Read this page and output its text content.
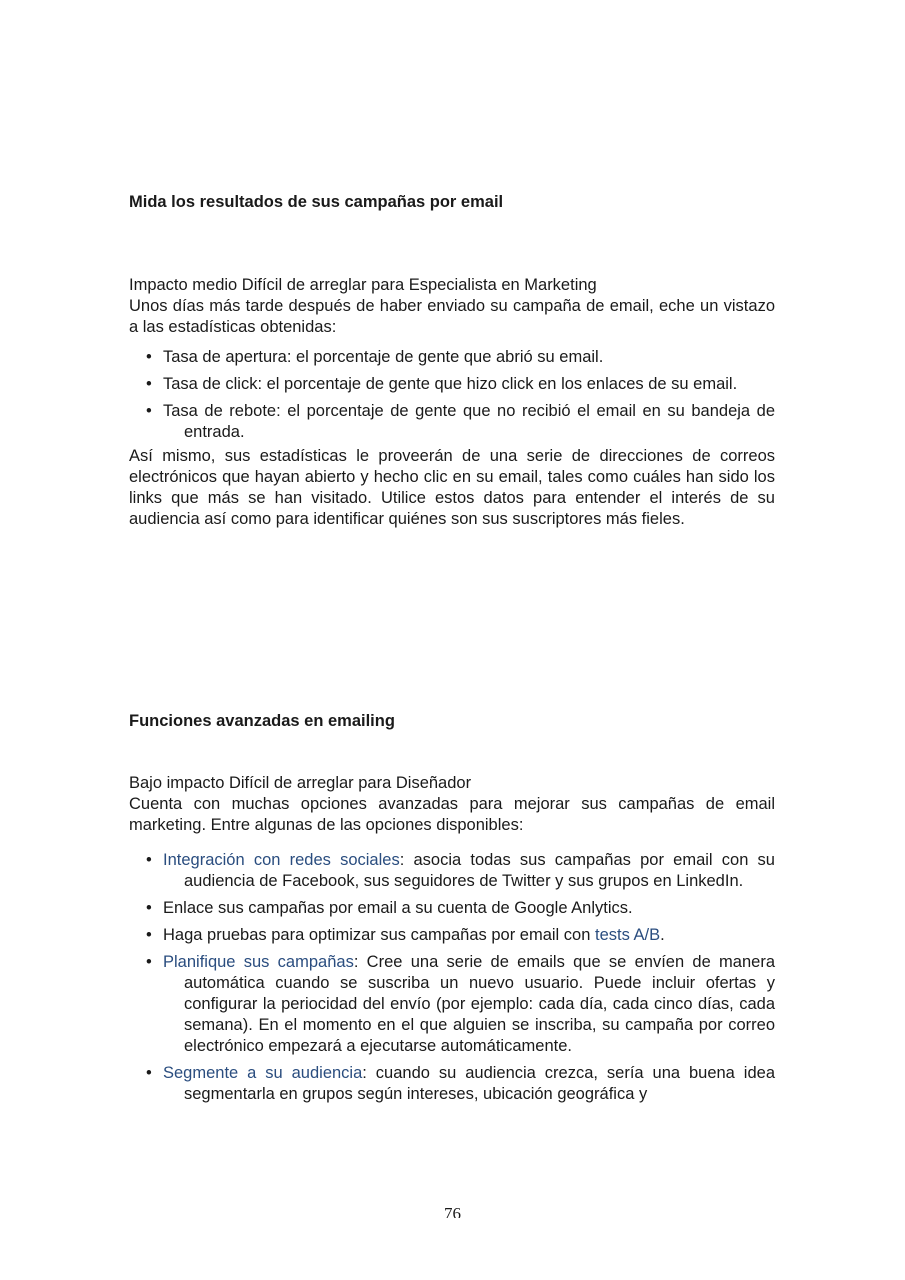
Mida los resultados de sus campañas por email

Impacto medio Difícil de arreglar para Especialista en Marketing

Unos días más tarde después de haber enviado su campaña de email, eche un vistazo a las estadísticas obtenidas:

• Tasa de apertura: el porcentaje de gente que abrió su email.
• Tasa de click: el porcentaje de gente que hizo click en los enlaces de su email.
• Tasa de rebote: el porcentaje de gente que no recibió el email en su bandeja de entrada.

Así mismo, sus estadísticas le proveerán de una serie de direcciones de correos electrónicos que hayan abierto y hecho clic en su email, tales como cuáles han sido los links que más se han visitado. Utilice estos datos para entender el interés de su audiencia así como para identificar quiénes son sus suscriptores más fieles.

Funciones avanzadas en emailing

Bajo impacto Difícil de arreglar para Diseñador

Cuenta con muchas opciones avanzadas para mejorar sus campañas de email marketing. Entre algunas de las opciones disponibles:

• Integración con redes sociales: asocia todas sus campañas por email con su audiencia de Facebook, sus seguidores de Twitter y sus grupos en LinkedIn.
• Enlace sus campañas por email a su cuenta de Google Anlytics.
• Haga pruebas para optimizar sus campañas por email con tests A/B.
• Planifique sus campañas: Cree una serie de emails que se envíen de manera automática cuando se suscriba un nuevo usuario. Puede incluir ofertas y configurar la periocidad del envío (por ejemplo: cada día, cada cinco días, cada semana). En el momento en el que alguien se inscriba, su campaña por correo electrónico empezará a ejecutarse automáticamente.
• Segmente a su audiencia: cuando su audiencia crezca, sería una buena idea segmentarla en grupos según intereses, ubicación geográfica y
76
